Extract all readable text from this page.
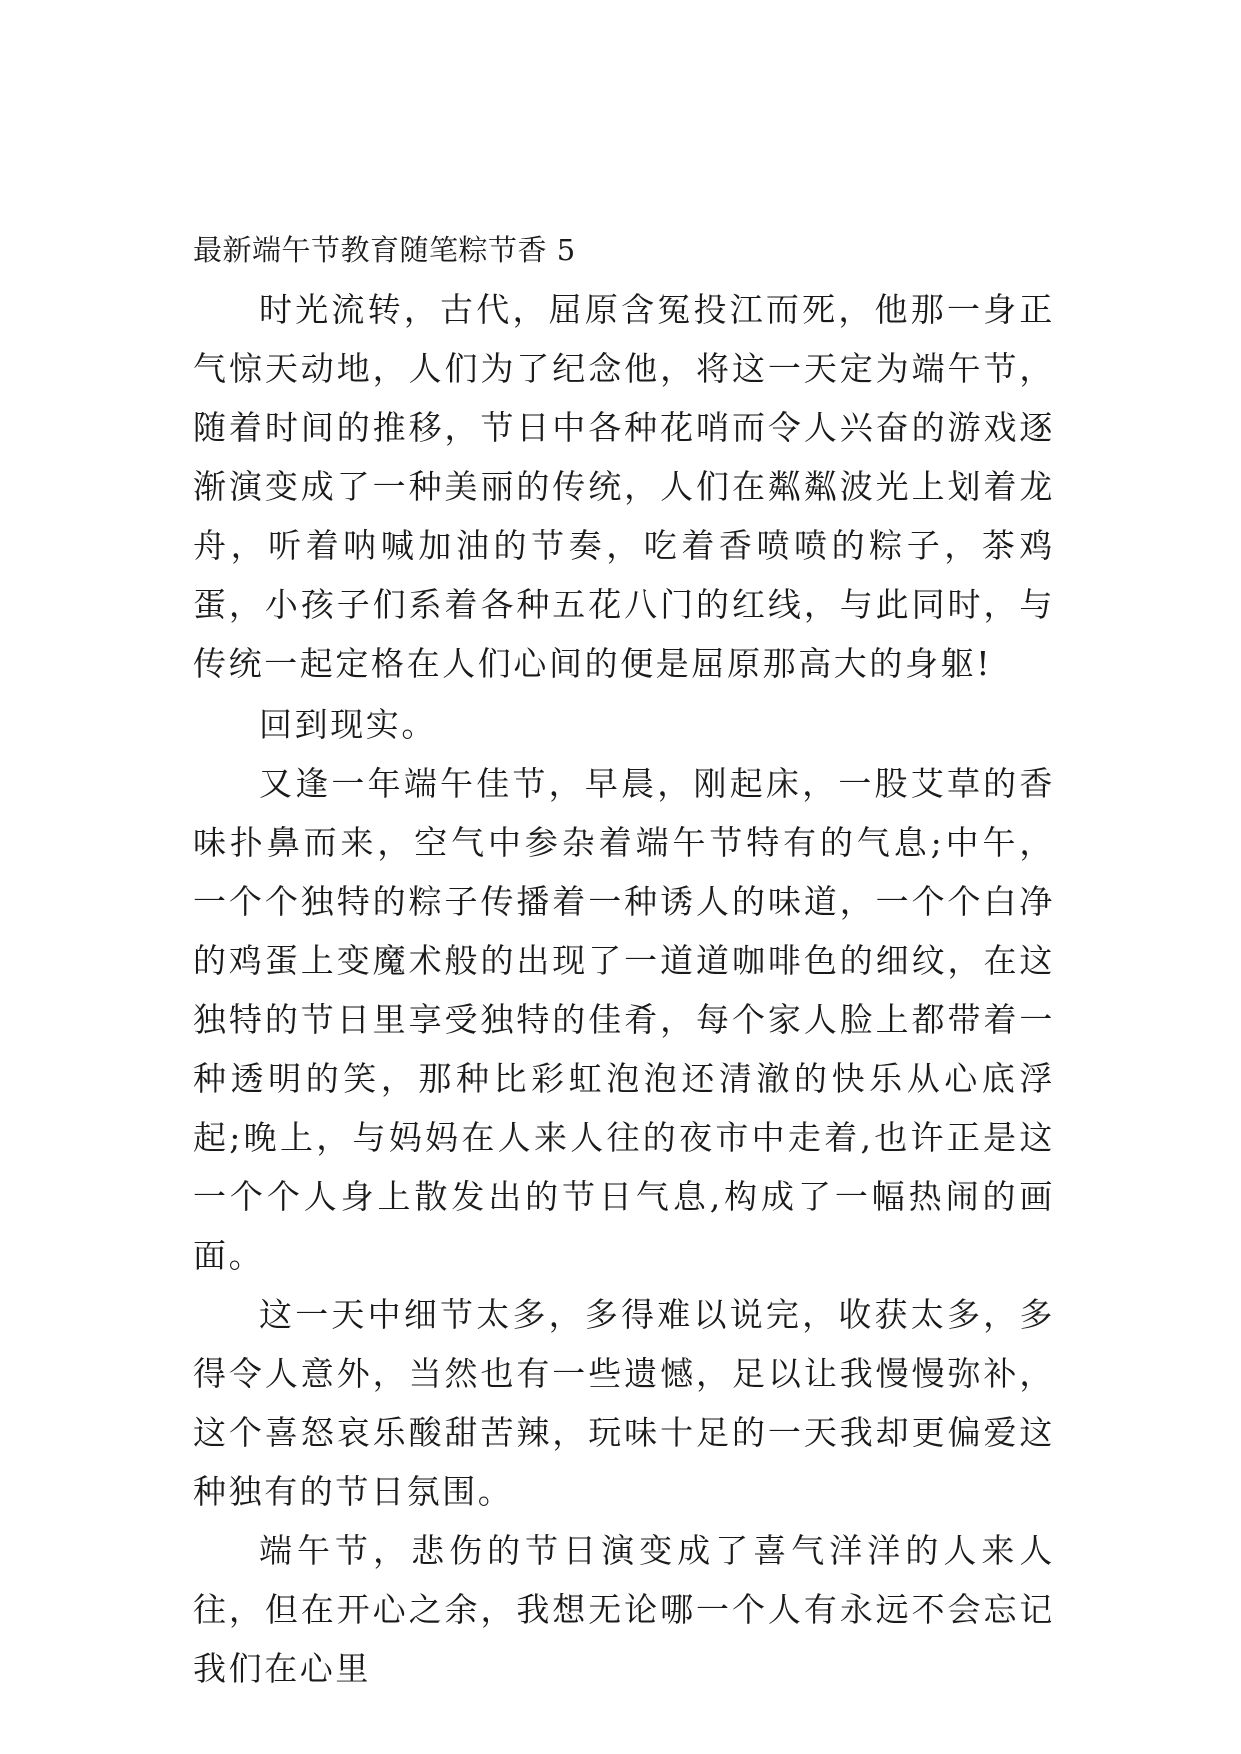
最新端午节教育随笔粽节香 5

时光流转，古代，屈原含冤投江而死，他那一身正气惊天动地，人们为了纪念他，将这一天定为端午节，随着时间的推移，节日中各种花哨而令人兴奋的游戏逐渐演变成了一种美丽的传统，人们在粼粼波光上划着龙舟，听着呐喊加油的节奏，吃着香喷喷的粽子，茶鸡蛋，小孩子们系着各种五花八门的红线，与此同时，与传统一起定格在人们心间的便是屈原那高大的身躯!

回到现实。

又逢一年端午佳节，早晨，刚起床，一股艾草的香味扑鼻而来，空气中参杂着端午节特有的气息;中午，一个个独特的粽子传播着一种诱人的味道，一个个白净的鸡蛋上变魔术般的出现了一道道咖啡色的细纹，在这独特的节日里享受独特的佳肴，每个家人脸上都带着一种透明的笑，那种比彩虹泡泡还清澈的快乐从心底浮起;晚上，与妈妈在人来人往的夜市中走着,也许正是这一个个人身上散发出的节日气息,构成了一幅热闹的画面。

这一天中细节太多，多得难以说完，收获太多，多得令人意外，当然也有一些遗憾，足以让我慢慢弥补，这个喜怒哀乐酸甜苦辣，玩味十足的一天我却更偏爱这种独有的节日氛围。

端午节，悲伤的节日演变成了喜气洋洋的人来人往，但在开心之余，我想无论哪一个人有永远不会忘记我们在心里
